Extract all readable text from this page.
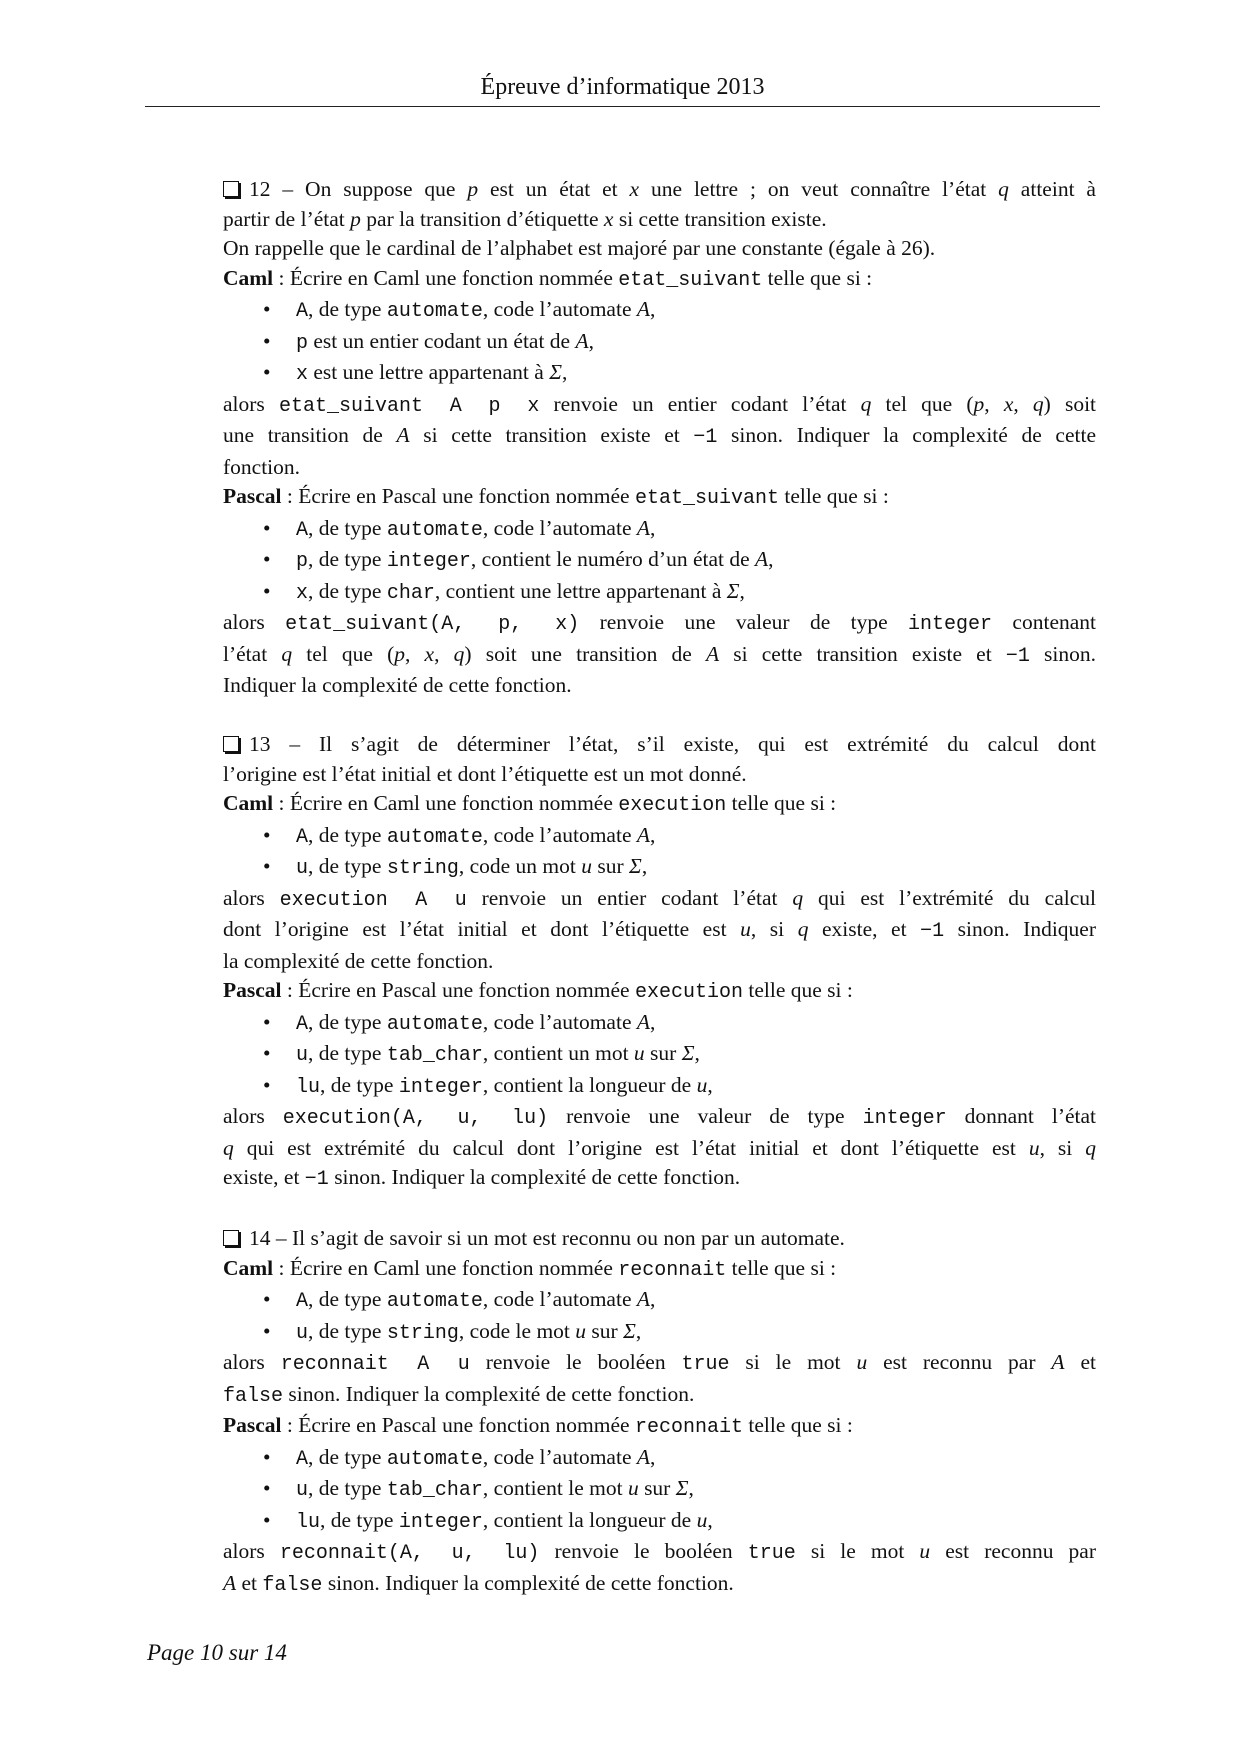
Épreuve d’informatique 2013
12 – On suppose que p est un état et x une lettre ; on veut connaître l’état q atteint à
partir de l’état p par la transition d’étiquette x si cette transition existe.
On rappelle que le cardinal de l’alphabet est majoré par une constante (égale à 26).
Caml : Écrire en Caml une fonction nommée etat_suivant telle que si :
• A, de type automate, code l’automate A,
• p est un entier codant un état de A,
• x est une lettre appartenant à Σ,
alors etat_suivant A p x renvoie un entier codant l’état q tel que (p, x, q) soit
une transition de A si cette transition existe et −1 sinon. Indiquer la complexité de cette
fonction.
Pascal : Écrire en Pascal une fonction nommée etat_suivant telle que si :
• A, de type automate, code l’automate A,
• p, de type integer, contient le numéro d’un état de A,
• x, de type char, contient une lettre appartenant à Σ,
alors etat_suivant(A, p, x) renvoie une valeur de type integer contenant
l’état q tel que (p, x, q) soit une transition de A si cette transition existe et −1 sinon.
Indiquer la complexité de cette fonction.
13 – Il s’agit de déterminer l’état, s’il existe, qui est extrémité du calcul dont
l’origine est l’état initial et dont l’étiquette est un mot donné.
Caml : Écrire en Caml une fonction nommée execution telle que si :
• A, de type automate, code l’automate A,
• u, de type string, code un mot u sur Σ,
alors execution A u renvoie un entier codant l’état q qui est l’extrémité du calcul
dont l’origine est l’état initial et dont l’étiquette est u, si q existe, et −1 sinon. Indiquer
la complexité de cette fonction.
Pascal : Écrire en Pascal une fonction nommée execution telle que si :
• A, de type automate, code l’automate A,
• u, de type tab_char, contient un mot u sur Σ,
• lu, de type integer, contient la longueur de u,
alors execution(A, u, lu) renvoie une valeur de type integer donnant l’état
q qui est extrémité du calcul dont l’origine est l’état initial et dont l’étiquette est u, si q
existe, et −1 sinon. Indiquer la complexité de cette fonction.
14 – Il s’agit de savoir si un mot est reconnu ou non par un automate.
Caml : Écrire en Caml une fonction nommée reconnait telle que si :
• A, de type automate, code l’automate A,
• u, de type string, code le mot u sur Σ,
alors reconnait A u renvoie le booléen true si le mot u est reconnu par A et
false sinon. Indiquer la complexité de cette fonction.
Pascal : Écrire en Pascal une fonction nommée reconnait telle que si :
• A, de type automate, code l’automate A,
• u, de type tab_char, contient le mot u sur Σ,
• lu, de type integer, contient la longueur de u,
alors reconnait(A, u, lu) renvoie le booléen true si le mot u est reconnu par
A et false sinon. Indiquer la complexité de cette fonction.
Page 10 sur 14
